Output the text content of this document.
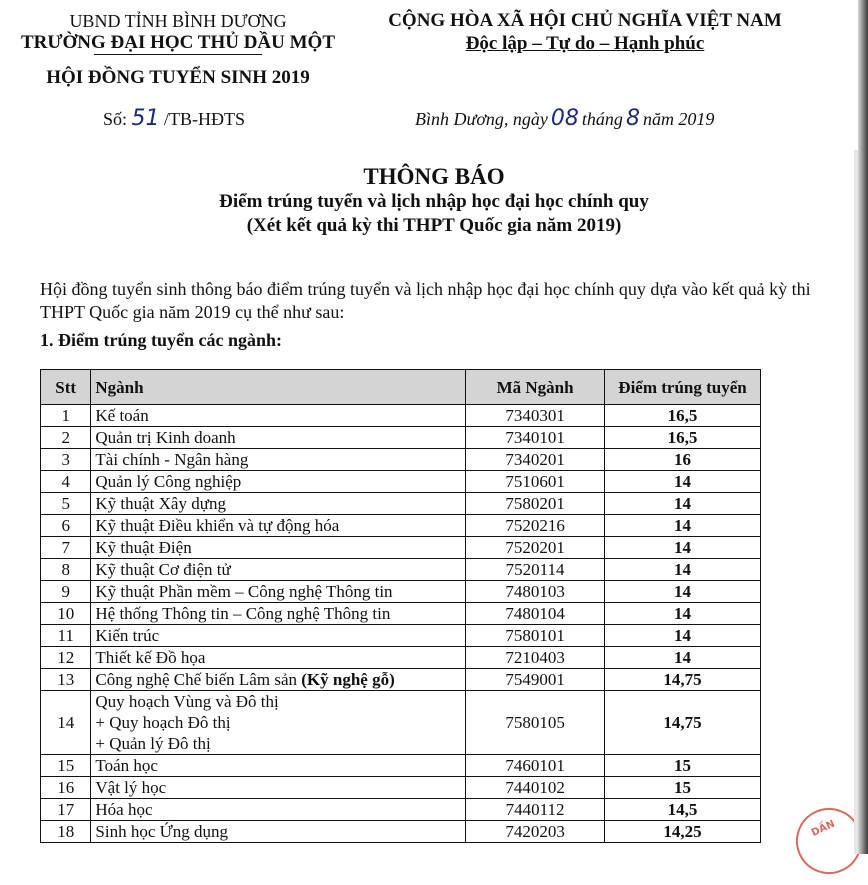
UBND TỈNH BÌNH DƯƠNG
TRƯỜNG ĐẠI HỌC THỦ DẦU MỘT
HỘI ĐỒNG TUYỂN SINH 2019
CỘNG HÒA XÃ HỘI CHỦ NGHĨA VIỆT NAM
Độc lập – Tự do – Hạnh phúc
Số: 51 /TB-HĐTS	Bình Dương, ngày 08 tháng 8 năm 2019
THÔNG BÁO
Điểm trúng tuyển và lịch nhập học đại học chính quy
(Xét kết quả kỳ thi THPT Quốc gia năm 2019)
Hội đồng tuyển sinh thông báo điểm trúng tuyển và lịch nhập học đại học chính quy dựa vào kết quả kỳ thi THPT Quốc gia năm 2019 cụ thể như sau:
1. Điểm trúng tuyển các ngành:
Stt	Ngành	Mã Ngành	Điểm trúng tuyển
1	Kế toán	7340301	16,5
2	Quản trị Kinh doanh	7340101	16,5
3	Tài chính - Ngân hàng	7340201	16
4	Quản lý Công nghiệp	7510601	14
5	Kỹ thuật Xây dựng	7580201	14
6	Kỹ thuật Điều khiển và tự động hóa	7520216	14
7	Kỹ thuật Điện	7520201	14
8	Kỹ thuật Cơ điện tử	7520114	14
9	Kỹ thuật Phần mềm – Công nghệ Thông tin	7480103	14
10	Hệ thống Thông tin – Công nghệ Thông tin	7480104	14
11	Kiến trúc	7580101	14
12	Thiết kế Đồ họa	7210403	14
13	Công nghệ Chế biến Lâm sản (Kỹ nghệ gỗ)	7549001	14,75
14	Quy hoạch Vùng và Đô thị
+ Quy hoạch Đô thị
+ Quản lý Đô thị	7580105	14,75
15	Toán học	7460101	15
16	Vật lý học	7440102	15
17	Hóa học	7440112	14,5
18	Sinh học Ứng dụng	7420203	14,25	DẤN
